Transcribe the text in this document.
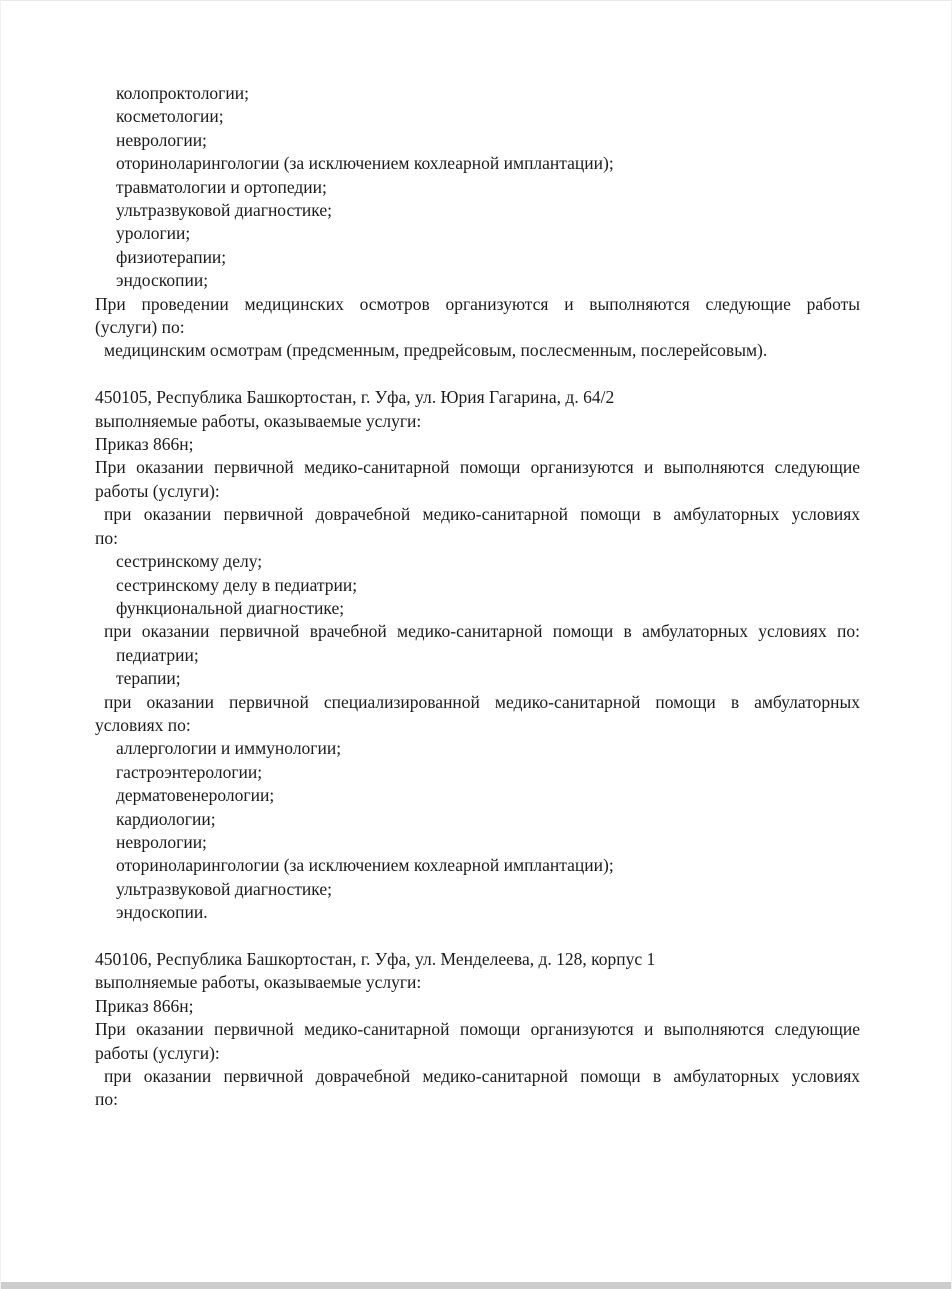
колопроктологии;
косметологии;
неврологии;
оториноларингологии (за исключением кохлеарной имплантации);
травматологии и ортопедии;
ультразвуковой диагностике;
урологии;
физиотерапии;
эндоскопии;
При проведении медицинских осмотров организуются и выполняются следующие работы
(услуги) по:
медицинским осмотрам (предсменным, предрейсовым, послесменным, послерейсовым).
450105, Республика Башкортостан, г. Уфа, ул. Юрия Гагарина, д. 64/2
выполняемые работы, оказываемые услуги:
Приказ 866н;
При оказании первичной медико-санитарной помощи организуются и выполняются следующие
работы (услуги):
при оказании первичной доврачебной медико-санитарной помощи в амбулаторных условиях
по:
сестринскому делу;
сестринскому делу в педиатрии;
функциональной диагностике;
при оказании первичной врачебной медико-санитарной помощи в амбулаторных условиях по:
педиатрии;
терапии;
при оказании первичной специализированной медико-санитарной помощи в амбулаторных
условиях по:
аллергологии и иммунологии;
гастроэнтерологии;
дерматовенерологии;
кардиологии;
неврологии;
оториноларингологии (за исключением кохлеарной имплантации);
ультразвуковой диагностике;
эндоскопии.
450106, Республика Башкортостан, г. Уфа, ул. Менделеева, д. 128, корпус 1
выполняемые работы, оказываемые услуги:
Приказ 866н;
При оказании первичной медико-санитарной помощи организуются и выполняются следующие
работы (услуги):
при оказании первичной доврачебной медико-санитарной помощи в амбулаторных условиях
по:
